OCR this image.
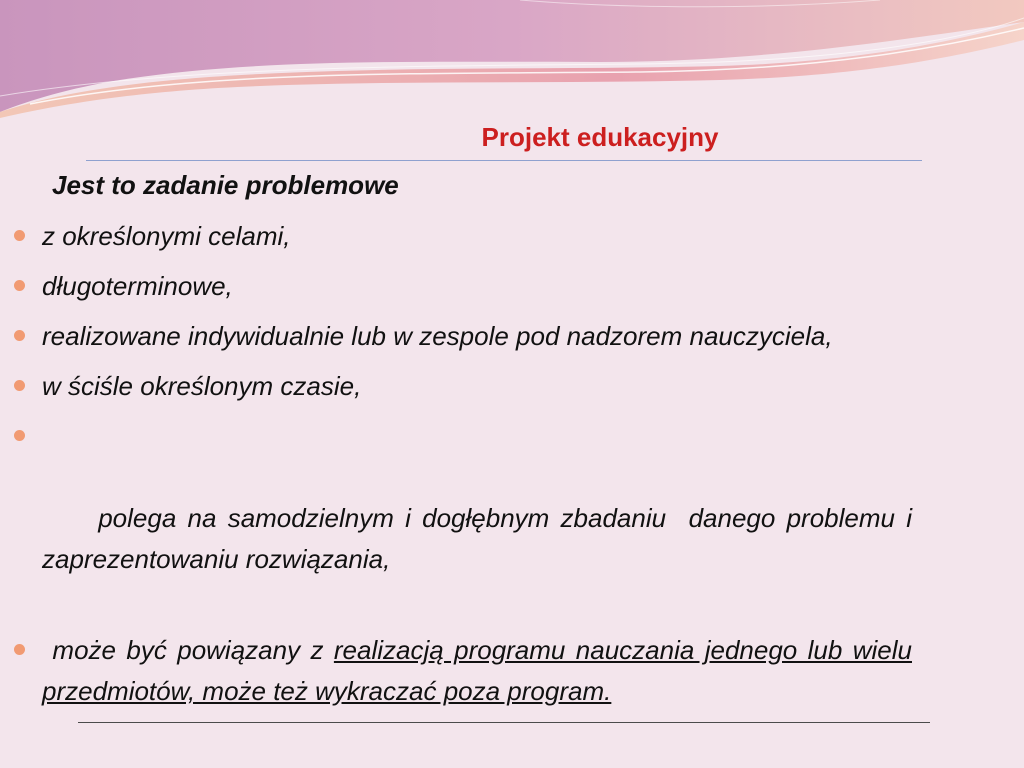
Projekt edukacyjny

Jest to zadanie problemowe

z określonymi celami,
długoterminowe,
realizowane indywidualnie lub w zespole pod nadzorem nauczyciela,
w ściśle określonym czasie,

polega na samodzielnym i dogłębnym zbadaniu  danego problemu i zaprezentowaniu rozwiązania,

może być powiązany z realizacją programu nauczania jednego lub wielu przedmiotów, może też wykraczać poza program.
